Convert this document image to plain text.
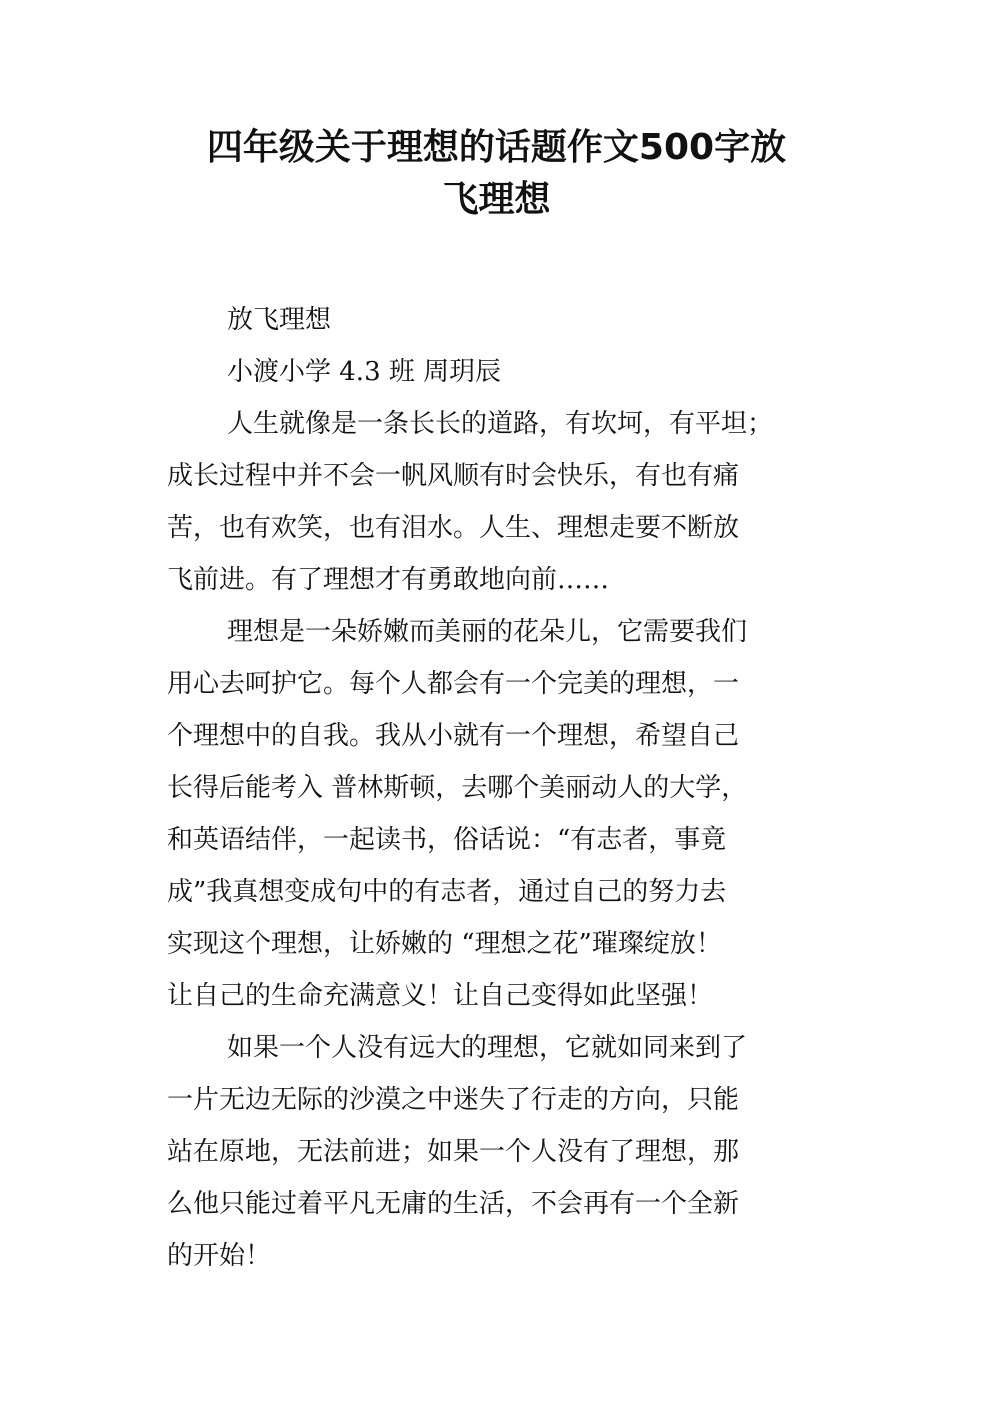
四年级关于理想的话题作文500字放
飞理想
放飞理想
小渡小学 4.3 班 周玥辰
人生就像是一条长长的道路，有坎坷，有平坦；
成长过程中并不会一帆风顺有时会快乐，有也有痛
苦，也有欢笑，也有泪水。人生、理想走要不断放
飞前进。有了理想才有勇敢地向前……
理想是一朵娇嫩而美丽的花朵儿，它需要我们
用心去呵护它。每个人都会有一个完美的理想，一
个理想中的自我。我从小就有一个理想，希望自己
长得后能考入 普林斯顿，去哪个美丽动人的大学，
和英语结伴，一起读书，俗话说：“有志者，事竟
成”我真想变成句中的有志者，通过自己的努力去
实现这个理想，让娇嫩的 “理想之花”璀璨绽放！
让自己的生命充满意义！让自己变得如此坚强！
如果一个人没有远大的理想，它就如同来到了
一片无边无际的沙漠之中迷失了行走的方向，只能
站在原地，无法前进；如果一个人没有了理想，那
么他只能过着平凡无庸的生活，不会再有一个全新
的开始！
